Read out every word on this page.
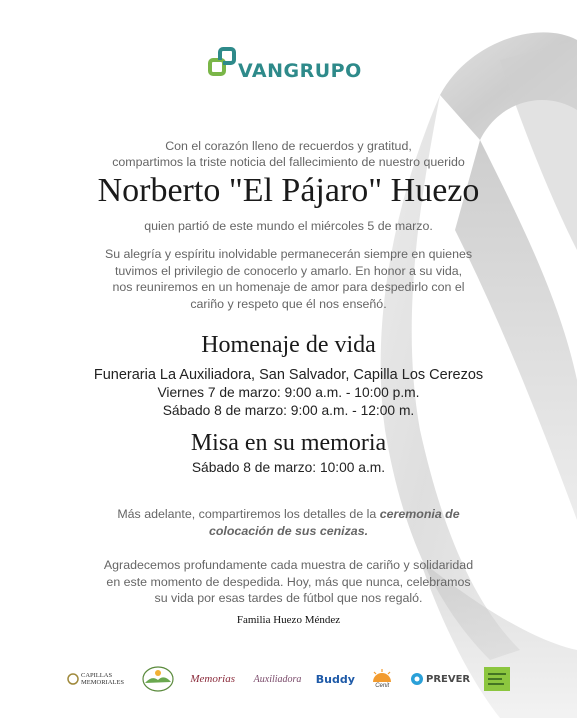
VANGRUPO
Con el corazón lleno de recuerdos y gratitud,
compartimos la triste noticia del fallecimiento de nuestro querido
Norberto "El Pájaro" Huezo
quien partió de este mundo el miércoles 5 de marzo.
Su alegría y espíritu inolvidable permanecerán siempre en quienes
tuvimos el privilegio de conocerlo y amarlo. En honor a su vida,
nos reuniremos en un homenaje de amor para despedirlo con el
cariño y respeto que él nos enseñó.
Homenaje de vida
Funeraria La Auxiliadora, San Salvador, Capilla Los Cerezos
Viernes 7 de marzo: 9:00 a.m. - 10:00 p.m.
Sábado 8 de marzo: 9:00 a.m. - 12:00 m.
Misa en su memoria
Sábado 8 de marzo: 10:00 a.m.
Más adelante, compartiremos los detalles de la ceremonia de
colocación de sus cenizas.
Agradecemos profundamente cada muestra de cariño y solidaridad
en este momento de despedida. Hoy, más que nunca, celebramos
su vida por esas tardes de fútbol que nos regaló.
Familia Huezo Méndez
CAPILLAS MEMORIALES	Memorias Auxiliadora Buddy
Cenit
PREVER
